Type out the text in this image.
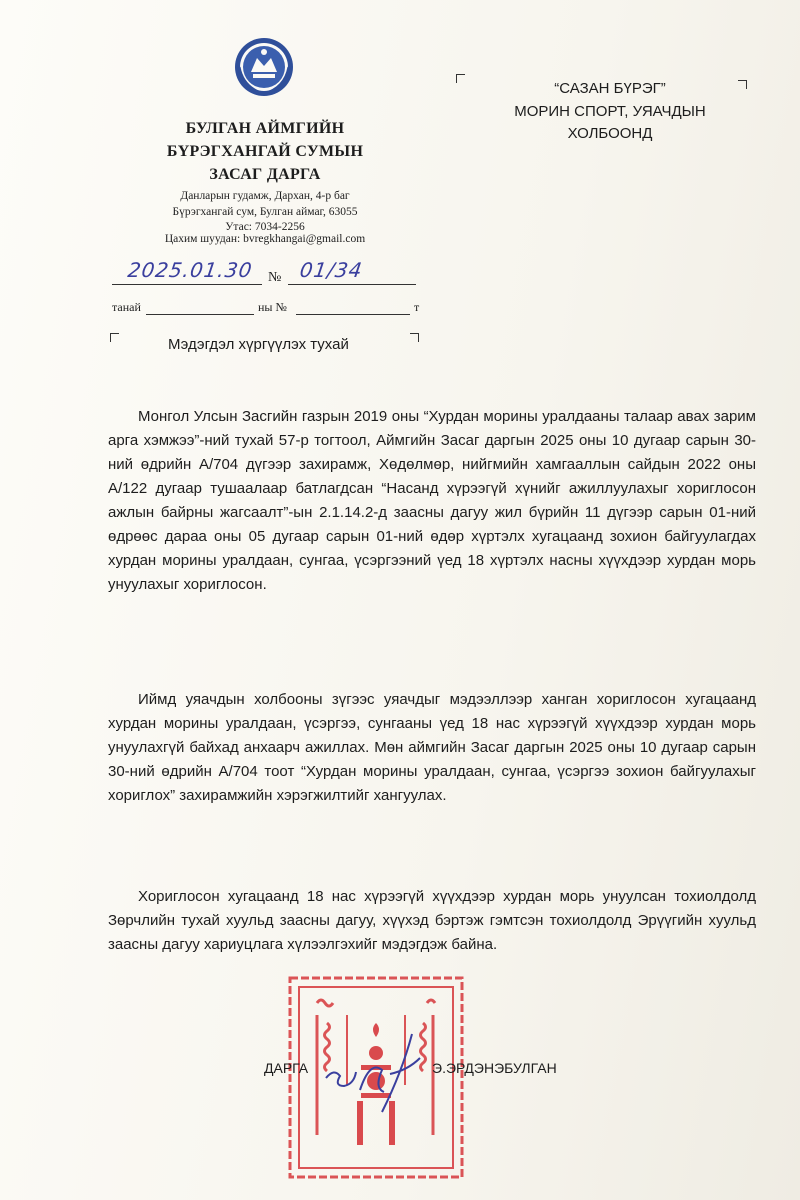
БУЛГАН АЙМГИЙН
БҮРЭГХАНГАЙ СУМЫН
ЗАСАГ ДАРГА
Данларын гудамж, Дархан, 4-р баг
Бүрэгхангай сум, Булган аймаг, 63055
Утас: 7034-2256
Цахим шуудан: bvregkhangai@gmail.com
2025.01.30 № 01/34
танай	ны №	т
“САЗАН БҮРЭГ”
МОРИН СПОРТ, УЯАЧДЫН
ХОЛБООНД
Мэдэгдэл хүргүүлэх тухай
Монгол Улсын Засгийн газрын 2019 оны “Хурдан морины уралдааны талаар авах зарим арга хэмжээ”-ний тухай 57-р тогтоол, Аймгийн Засаг даргын 2025 оны 10 дугаар сарын 30-ний өдрийн А/704 дүгээр захирамж, Хөдөлмөр, нийгмийн хамгааллын сайдын 2022 оны А/122 дугаар тушаалаар батлагдсан “Насанд хүрээгүй хүнийг ажиллуулахыг хориглосон ажлын байрны жагсаалт”-ын 2.1.14.2-д заасны дагуу жил бүрийн 11 дүгээр сарын 01-ний өдрөөс дараа оны 05 дугаар сарын 01-ний өдөр хүртэлх хугацаанд зохион байгуулагдах хурдан морины уралдаан, сунгаа, үсэргээний үед 18 хүртэлх насны хүүхдээр хурдан морь унуулахыг хориглосон.
Иймд уяачдын холбооны зүгээс уяачдыг мэдээллээр ханган хориглосон хугацаанд хурдан морины уралдаан, үсэргээ, сунгааны үед 18 нас хүрээгүй хүүхдээр хурдан морь унуулахгүй байхад анхаарч ажиллах. Мөн аймгийн Засаг даргын 2025 оны 10 дугаар сарын 30-ний өдрийн А/704 тоот “Хурдан морины уралдаан, сунгаа, үсэргээ зохион байгуулахыг хориглох” захирамжийн хэрэгжилтийг хангуулах.
Хориглосон хугацаанд 18 нас хүрээгүй хүүхдээр хурдан морь унуулсан тохиолдолд Зөрчлийн тухай хуульд заасны дагуу, хүүхэд бэртэж гэмтсэн тохиолдолд Эрүүгийн хуульд заасны дагуу хариуцлага хүлээлгэхийг мэдэгдэж байна.
ДАРГА	Э.ЭРДЭНЭБУЛГАН
